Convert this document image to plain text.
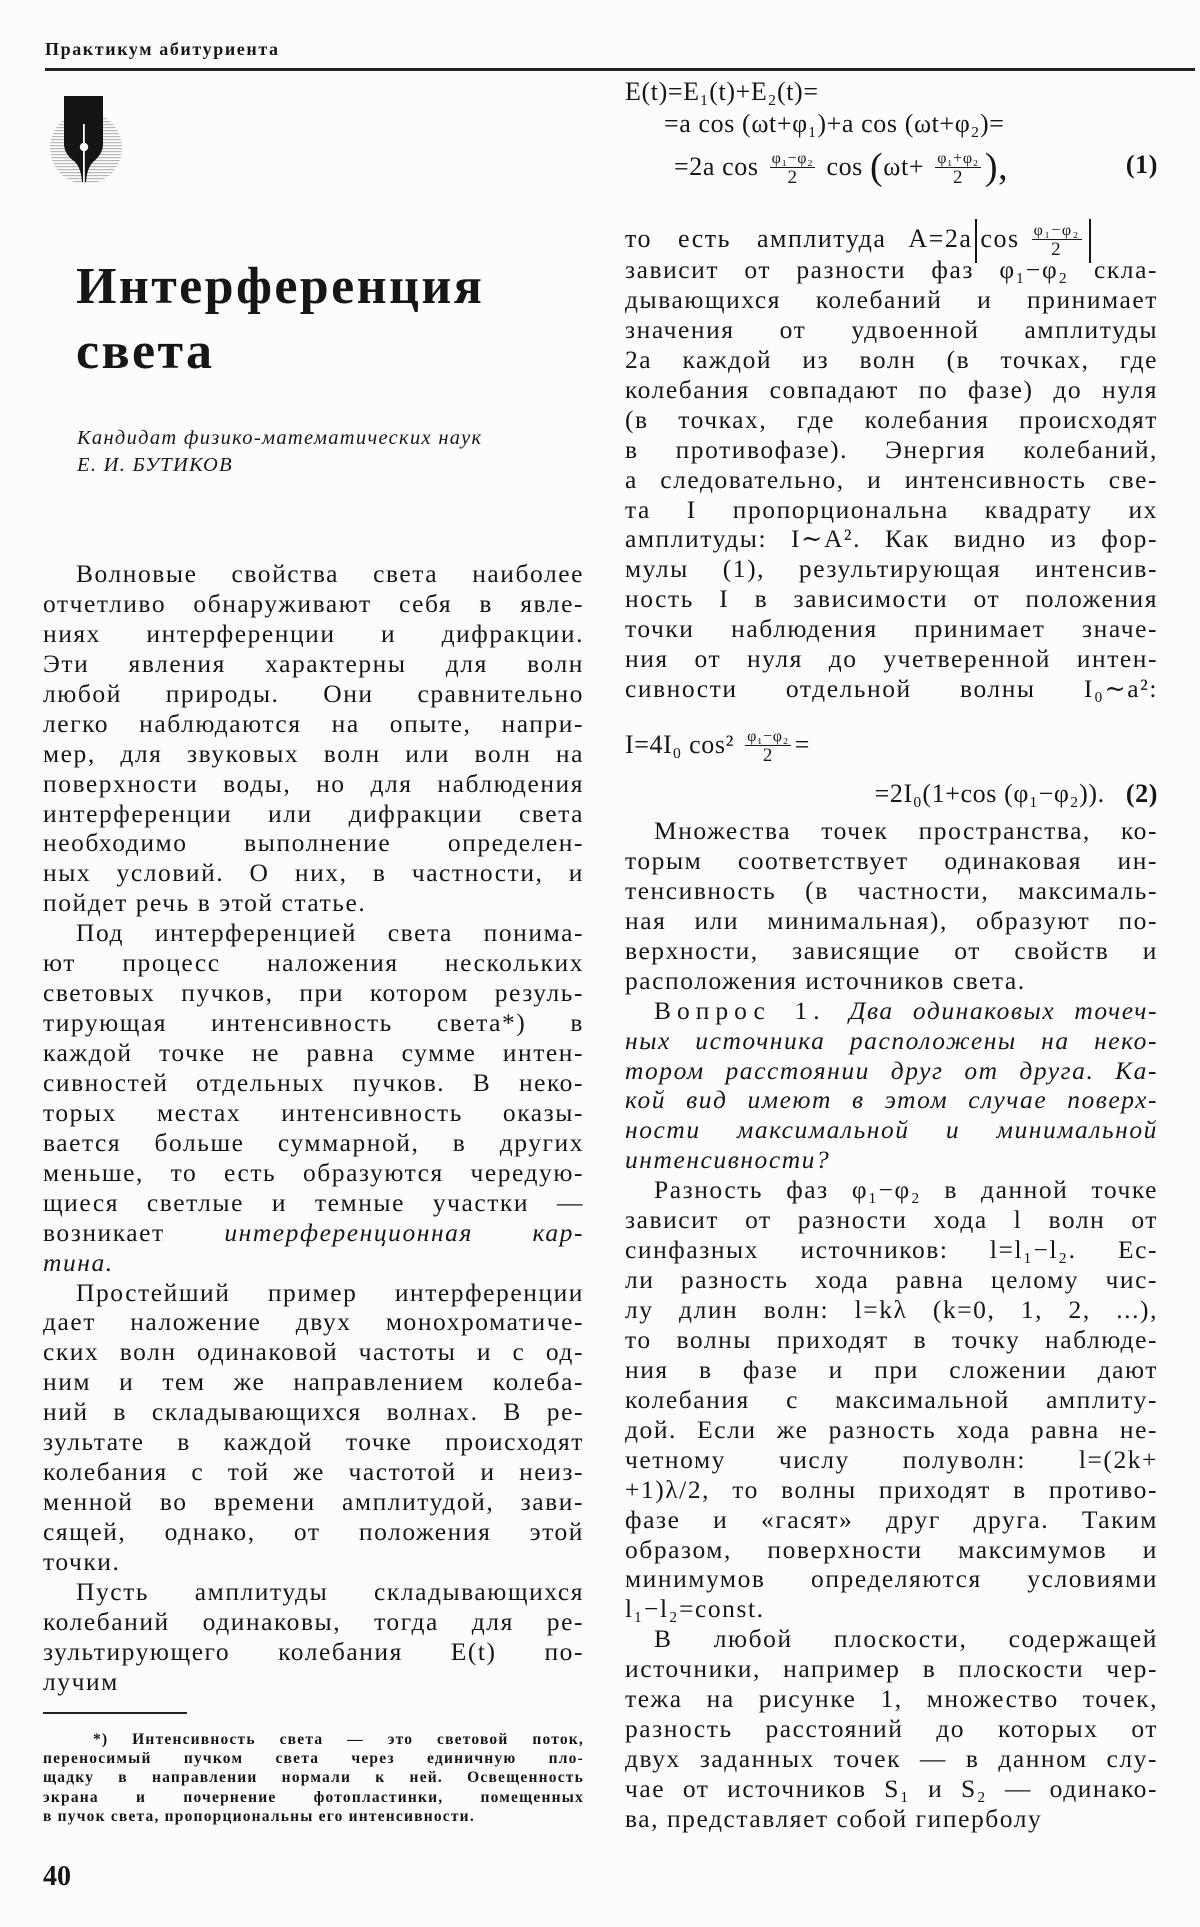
Практикум абитуриента
Интерференция
света
Кандидат физико-математических наук
Е. И. БУТИКОВ
Волновые свойства света наиболее
отчетливо обнаруживают себя в явле-
ниях интерференции и дифракции.
Эти явления характерны для волн
любой природы. Они сравнительно
легко наблюдаются на опыте, напри-
мер, для звуковых волн или волн на
поверхности воды, но для наблюдения
интерференции или дифракции света
необходимо выполнение определен-
ных условий. О них, в частности, и
пойдет речь в этой статье.
Под интерференцией света понима-
ют процесс наложения нескольких
световых пучков, при котором резуль-
тирующая интенсивность света*) в
каждой точке не равна сумме интен-
сивностей отдельных пучков. В неко-
торых местах интенсивность оказы-
вается больше суммарной, в других
меньше, то есть образуются чередую-
щиеся светлые и темные участки —
возникает интерференционная кар-
тина.
Простейший пример интерференции
дает наложение двух монохроматиче-
ских волн одинаковой частоты и с од-
ним и тем же направлением колеба-
ний в складывающихся волнах. В ре-
зультате в каждой точке происходят
колебания с той же частотой и неиз-
менной во времени амплитудой, зави-
сящей, однако, от положения этой
точки.
Пусть амплитуды складывающихся
колебаний одинаковы, тогда для ре-
зультирующего колебания E(t) по-
лучим
E(t)=E₁(t)+E₂(t)=
=a cos (ωt+φ₁)+a cos (ωt+φ₂)=
=2a $\cos \frac{\text{φ₁−φ₂}}{2}$ $\cos (\omega t+ \frac{\text{φ₁+φ₂}}{2}$ ),	(1)
то есть амплитуда A=2a $\cos \frac{\text{φ₁−φ₂}}{2}$
зависит от разности фаз φ₁−φ₂ скла-
дывающихся колебаний и принимает
значения от удвоенной амплитуды
2a каждой из волн (в точках, где
колебания совпадают по фазе) до нуля
(в точках, где колебания происходят
в противофазе). Энергия колебаний,
а следовательно, и интенсивность све-
та I пропорциональна квадрату их
амплитуды: I∼A². Как видно из фор-
мулы (1), результирующая интенсив-
ность I в зависимости от положения
точки наблюдения принимает значе-
ния от нуля до учетверенной интен-
сивности отдельной волны I₀∼a²:
I=4I₀ $\cos^2 \frac{\text{φ₁−φ₂}}{2}$ =
=2I₀(1+cos (φ₁−φ₂)). (2)
Множества точек пространства, ко-
торым соответствует одинаковая ин-
тенсивность (в частности, максималь-
ная или минимальная), образуют по-
верхности, зависящие от свойств и
расположения источников света.
Вопрос 1. Два одинаковых точеч-
ных источника расположены на неко-
тором расстоянии друг от друга. Ка-
кой вид имеют в этом случае поверх-
ности максимальной и минимальной
интенсивности?
Разность фаз φ₁−φ₂ в данной точке
зависит от разности хода l волн от
синфазных источников: l=l₁−l₂. Ес-
ли разность хода равна целому чис-
лу длин волн: l=kλ (k=0, 1, 2, ...),
то волны приходят в точку наблюде-
ния в фазе и при сложении дают
колебания с максимальной амплиту-
дой. Если же разность хода равна не-
четному числу полуволн: l=(2k+
+1)λ/2, то волны приходят в противо-
фазе и «гасят» друг друга. Таким
образом, поверхности максимумов и
минимумов определяются условиями
l₁−l₂=const.
В любой плоскости, содержащей
источники, например в плоскости чер-
тежа на рисунке 1, множество точек,
разность расстояний до которых от
двух заданных точек — в данном слу-
чае от источников S₁ и S₂ — одинако-
ва, представляет собой гиперболу
*) Интенсивность света — это световой поток,
переносимый пучком света через единичную пло-
щадку в направлении нормали к ней. Освещенность
экрана и почернение фотопластинки, помещенных
в пучок света, пропорциональны его интенсивности.
40
